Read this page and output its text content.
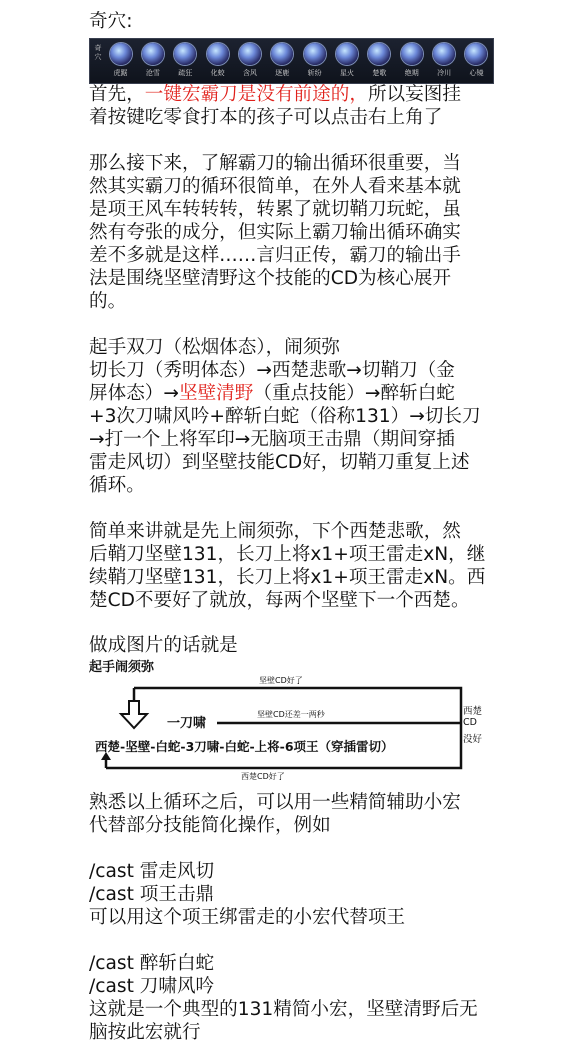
奇穴:
奇穴
虎踞	沧雪	疏狂	化蛟	含风	逐鹿	斩纷	星火	楚歌	绝期	冷川	心镜
首先，一键宏霸刀是没有前途的，所以妄图挂
着按键吃零食打本的孩子可以点击右上角了
那么接下来，了解霸刀的输出循环很重要，当
然其实霸刀的循环很简单，在外人看来基本就
是项王风车转转转，转累了就切鞘刀玩蛇，虽
然有夸张的成分，但实际上霸刀输出循环确实
差不多就是这样……言归正传，霸刀的输出手
法是围绕坚壁清野这个技能的CD为核心展开
的。
起手双刀（松烟体态），闹须弥
切长刀（秀明体态）→西楚悲歌→切鞘刀（金
屏体态）→坚壁清野（重点技能）→醉斩白蛇
+3次刀啸风吟+醉斩白蛇（俗称131）→切长刀
→打一个上将军印→无脑项王击鼎（期间穿插
雷走风切）到坚壁技能CD好，切鞘刀重复上述
循环。
简单来讲就是先上闹须弥，下个西楚悲歌，然
后鞘刀坚壁131，长刀上将x1+项王雷走xN，继
续鞘刀坚壁131，长刀上将x1+项王雷走xN。西
楚CD不要好了就放，每两个坚壁下一个西楚。
做成图片的话就是
起手闹须弥
坚壁CD好了
坚壁CD还差一两秒
一刀啸
西楚-坚壁-白蛇-3刀啸-白蛇-上将-6项王（穿插雷切）
西楚
CD
没好
西楚CD好了
熟悉以上循环之后，可以用一些精简辅助小宏
代替部分技能简化操作，例如
/cast 雷走风切
/cast 项王击鼎
可以用这个项王绑雷走的小宏代替项王
/cast 醉斩白蛇
/cast 刀啸风吟
这就是一个典型的131精简小宏，坚壁清野后无
脑按此宏就行
